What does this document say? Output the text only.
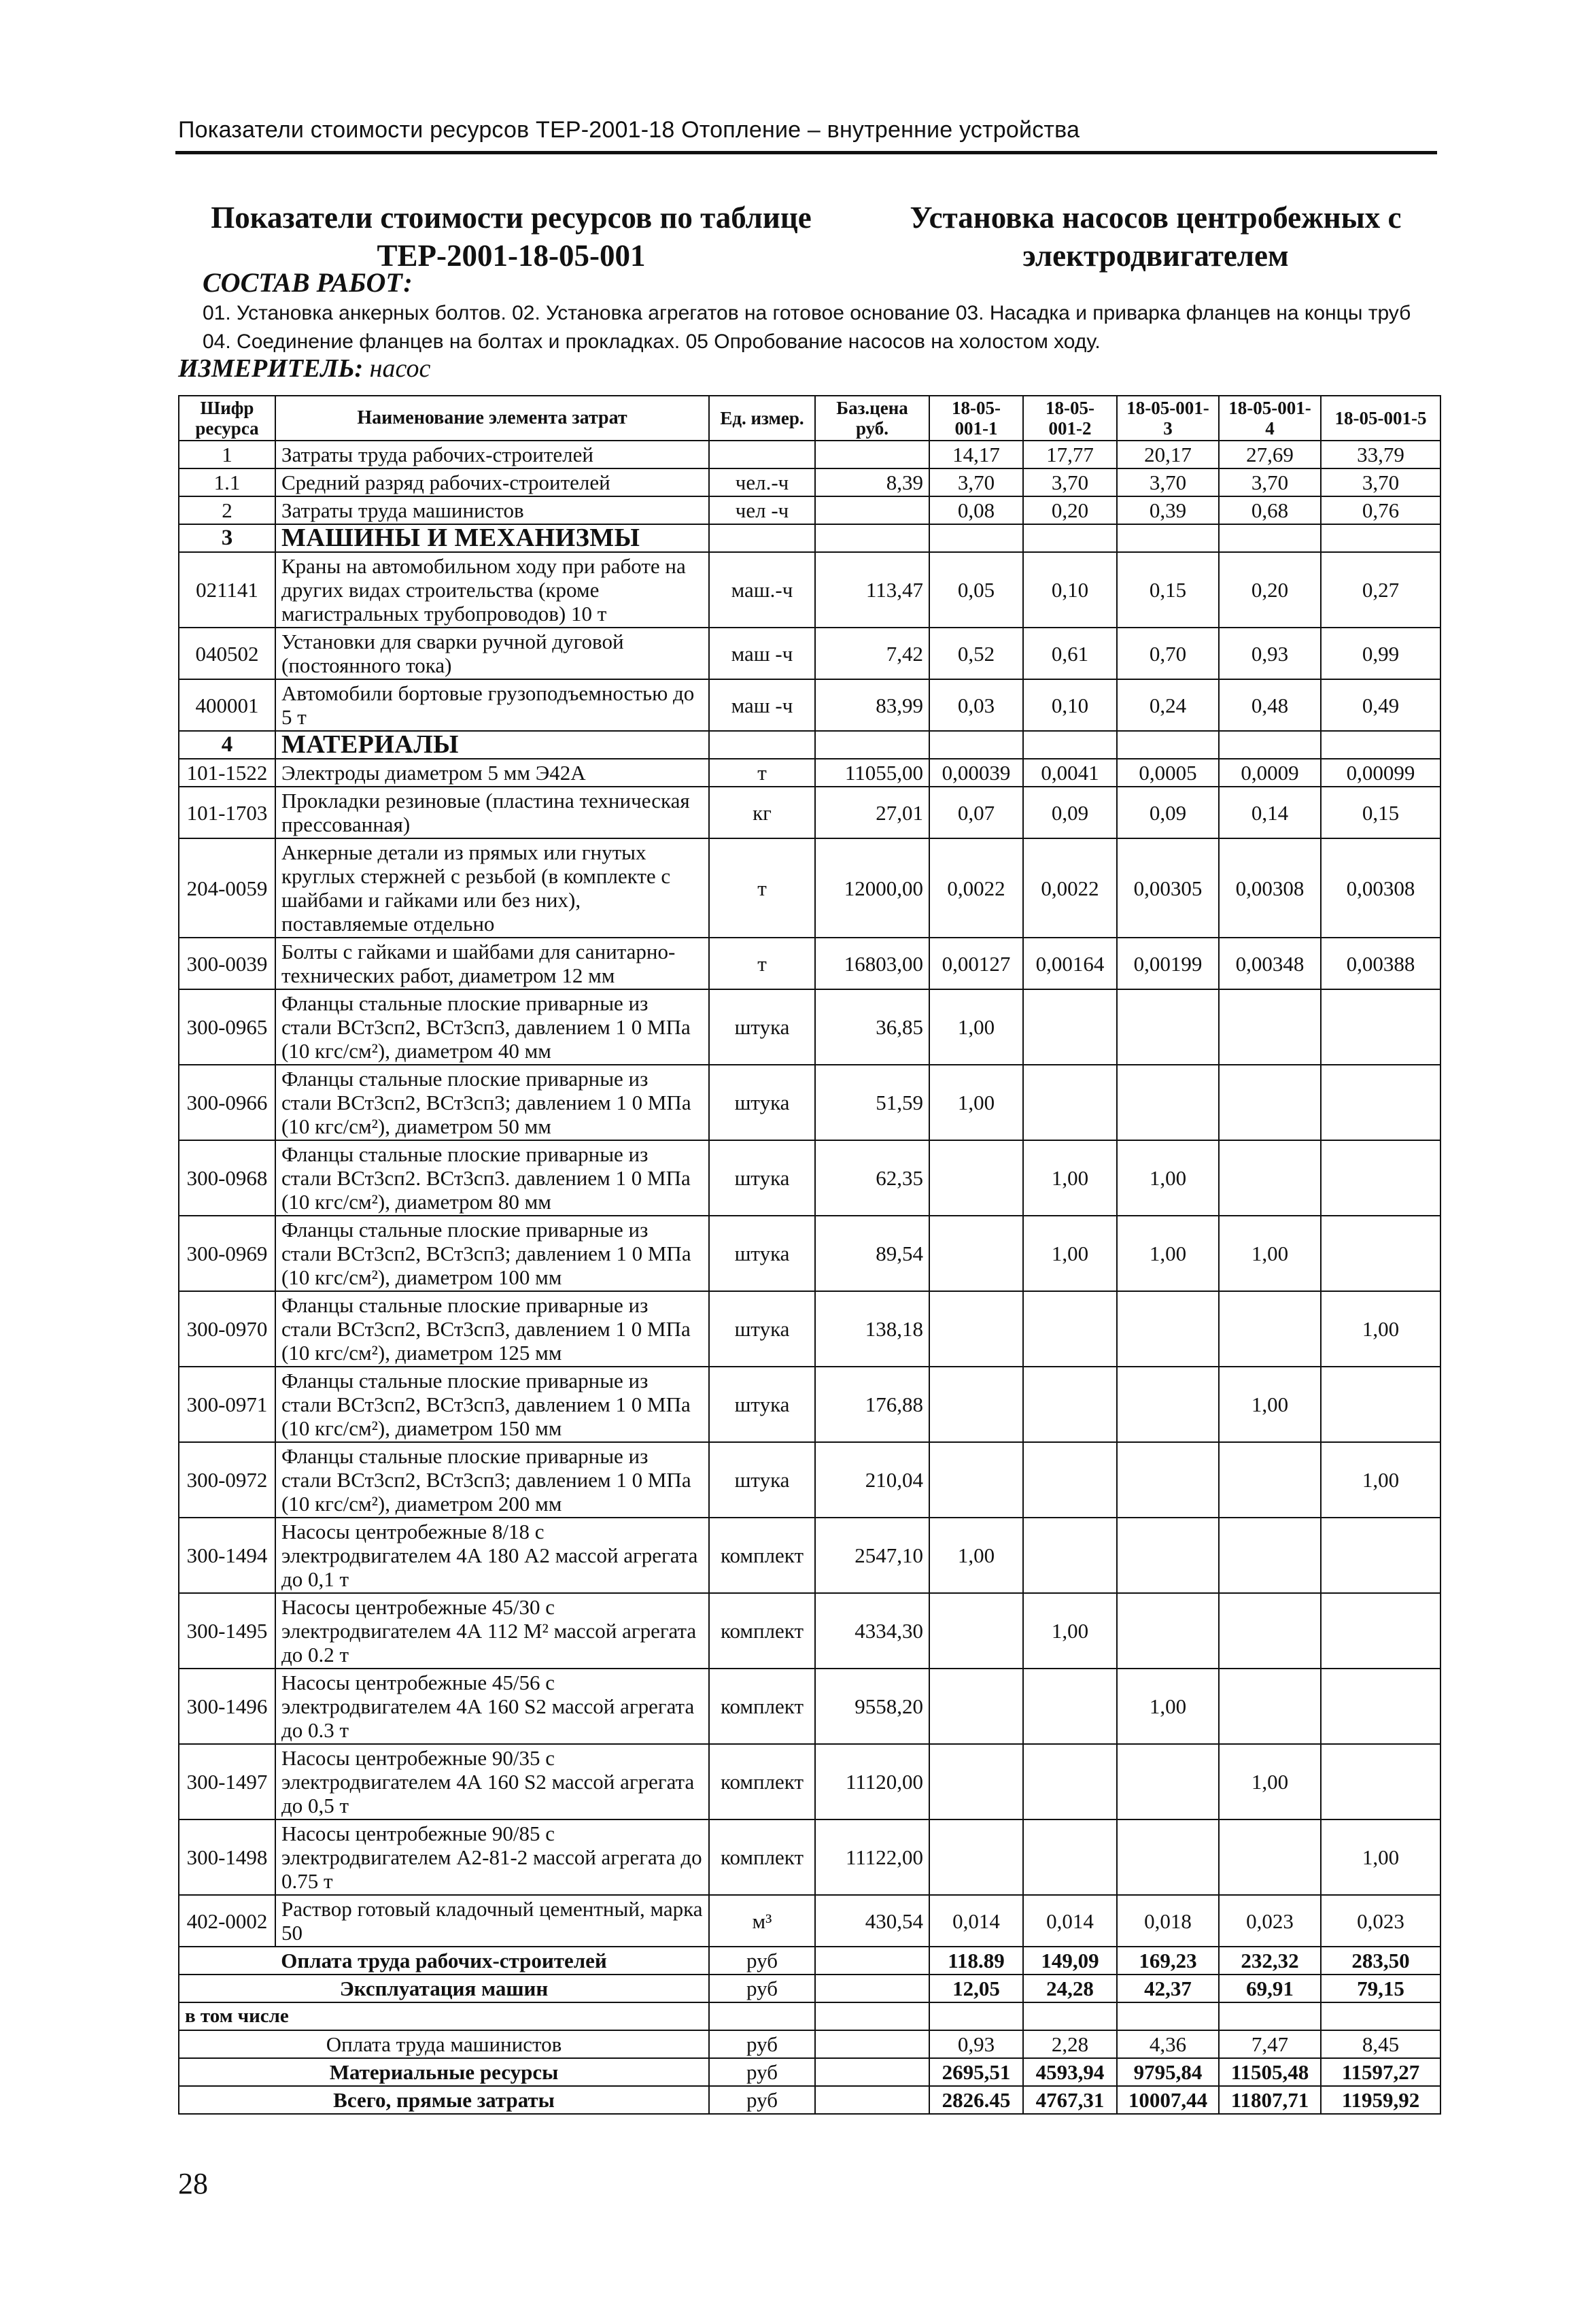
Показатели стоимости ресурсов ТЕР-2001-18 Отопление – внутренние устройства
Показатели стоимости ресурсов по таблице ТЕР-2001-18-05-001
Установка насосов центробежных с электродвигателем
СОСТАВ РАБОТ:
01. Установка анкерных болтов. 02. Установка агрегатов на готовое основание 03. Насадка и приварка фланцев на концы труб 04. Соединение фланцев на болтах и прокладках. 05 Опробование насосов на холостом ходу.
ИЗМЕРИТЕЛЬ: насос
Шифр ресурса	Наименование элемента затрат	Ед. измер.	Баз.цена руб.	18-05-001-1	18-05-001-2	18-05-001-3	18-05-001-4	18-05-001-5
1	Затраты труда рабочих-строителей			14,17	17,77	20,17	27,69	33,79
1.1	Средний разряд рабочих-строителей	чел.-ч	8,39	3,70	3,70	3,70	3,70	3,70
2	Затраты труда машинистов	чел -ч		0,08	0,20	0,39	0,68	0,76
3	МАШИНЫ И МЕХАНИЗМЫ							
021141	Краны на автомобильном ходу при работе на других видах строительства (кроме магистральных трубопроводов) 10 т	маш.-ч	113,47	0,05	0,10	0,15	0,20	0,27
040502	Установки для сварки ручной дуговой (постоянного тока)	маш -ч	7,42	0,52	0,61	0,70	0,93	0,99
400001	Автомобили бортовые грузоподъемностью до 5 т	маш -ч	83,99	0,03	0,10	0,24	0,48	0,49
4	МАТЕРИАЛЫ							
101-1522	Электроды диаметром 5 мм Э42А	т	11055,00	0,00039	0,0041	0,0005	0,0009	0,00099
101-1703	Прокладки резиновые (пластина техническая прессованная)	кг	27,01	0,07	0,09	0,09	0,14	0,15
204-0059	Анкерные детали из прямых или гнутых круглых стержней с резьбой (в комплекте с шайбами и гайками или без них), поставляемые отдельно	т	12000,00	0,0022	0,0022	0,00305	0,00308	0,00308
300-0039	Болты с гайками и шайбами для санитарно-технических работ, диаметром 12 мм	т	16803,00	0,00127	0,00164	0,00199	0,00348	0,00388
300-0965	Фланцы стальные плоские приварные из стали ВСт3сп2, ВСт3сп3, давлением 1 0 МПа (10 кгс/см²), диаметром 40 мм	штука	36,85	1,00				
300-0966	Фланцы стальные плоские приварные из стали ВСт3сп2, ВСт3сп3; давлением 1 0 МПа (10 кгс/см²), диаметром 50 мм	штука	51,59	1,00				
300-0968	Фланцы стальные плоские приварные из стали ВСт3сп2. ВСт3сп3. давлением 1 0 МПа (10 кгс/см²), диаметром 80 мм	штука	62,35		1,00	1,00		
300-0969	Фланцы стальные плоские приварные из стали ВСт3сп2, ВСт3сп3; давлением 1 0 МПа (10 кгс/см²), диаметром 100 мм	штука	89,54		1,00	1,00	1,00	
300-0970	Фланцы стальные плоские приварные из стали ВСт3сп2, ВСт3сп3, давлением 1 0 МПа (10 кгс/см²), диаметром 125 мм	штука	138,18					1,00
300-0971	Фланцы стальные плоские приварные из стали ВСт3сп2, ВСт3сп3, давлением 1 0 МПа (10 кгс/см²), диаметром 150 мм	штука	176,88				1,00	
300-0972	Фланцы стальные плоские приварные из стали ВСт3сп2, ВСт3сп3; давлением 1 0 МПа (10 кгс/см²), диаметром 200 мм	штука	210,04					1,00
300-1494	Насосы центробежные 8/18 с электродвигателем 4А 180 А2 массой агрегата до 0,1 т	комплект	2547,10	1,00				
300-1495	Насосы центробежные 45/30 с электродвигателем 4А 112 М² массой агрегата до 0.2 т	комплект	4334,30		1,00			
300-1496	Насосы центробежные 45/56 с электродвигателем 4А 160 S2 массой агрегата до 0.3 т	комплект	9558,20			1,00		
300-1497	Насосы центробежные 90/35 с электродвигателем 4А 160 S2 массой агрегата до 0,5 т	комплект	11120,00				1,00	
300-1498	Насосы центробежные 90/85 с электродвигателем А2-81-2 массой агрегата до 0.75 т	комплект	11122,00					1,00
402-0002	Раствор готовый кладочный цементный, марка 50	м³	430,54	0,014	0,014	0,018	0,023	0,023
Оплата труда рабочих-строителей		руб		118.89	149,09	169,23	232,32	283,50
Эксплуатация машин		руб		12,05	24,28	42,37	69,91	79,15
в том числе								
Оплата труда машинистов		руб		0,93	2,28	4,36	7,47	8,45
Материальные ресурсы		руб		2695,51	4593,94	9795,84	11505,48	11597,27
Всего, прямые затраты		руб		2826.45	4767,31	10007,44	11807,71	11959,92
28
